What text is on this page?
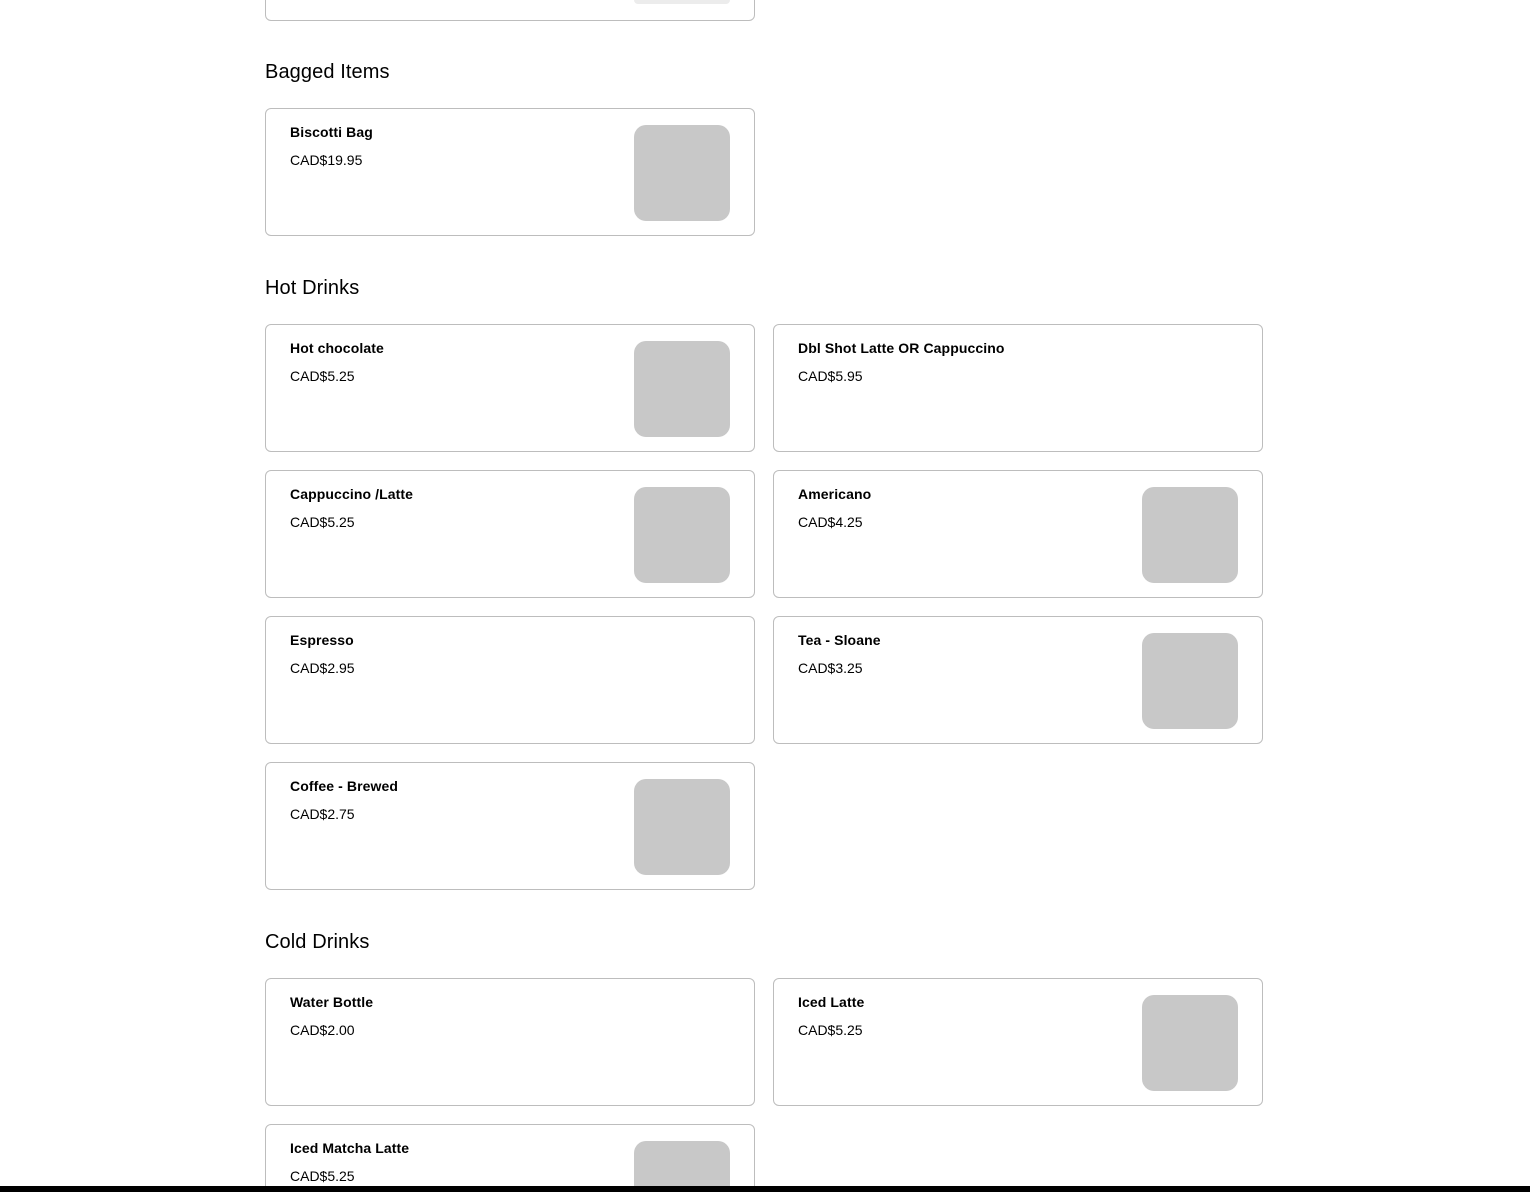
Bagged Items
Biscotti Bag
CAD$19.95
Hot Drinks
Hot chocolate
CAD$5.25
Dbl Shot Latte OR Cappuccino
CAD$5.95
Cappuccino /Latte
CAD$5.25
Americano
CAD$4.25
Espresso
CAD$2.95
Tea - Sloane
CAD$3.25
Coffee - Brewed
CAD$2.75
Cold Drinks
Water Bottle
CAD$2.00
Iced Latte
CAD$5.25
Iced Matcha Latte
CAD$5.25
